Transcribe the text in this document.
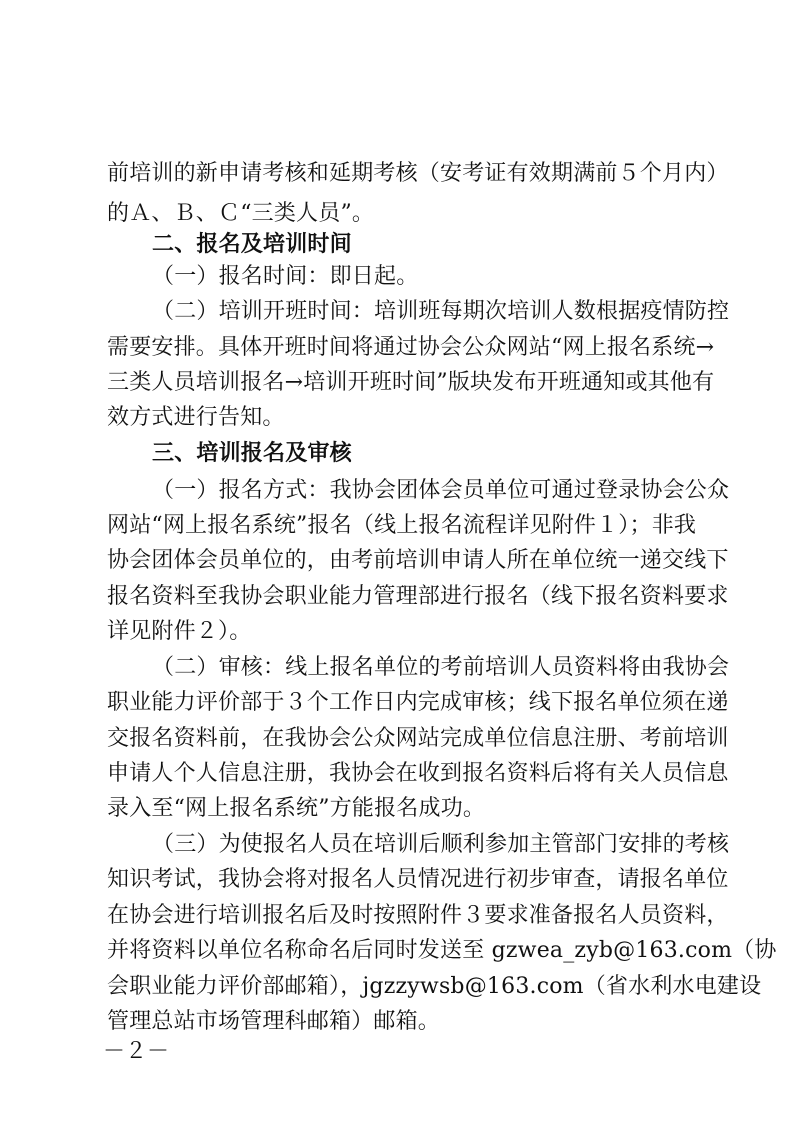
前培训的新申请考核和延期考核（安考证有效期满前５个月内）
的Ａ、Ｂ、Ｃ“三类人员”。
二、报名及培训时间
（一）报名时间：即日起。
（二）培训开班时间：培训班每期次培训人数根据疫情防控
需要安排。具体开班时间将通过协会公众网站“网上报名系统→
三类人员培训报名→培训开班时间”版块发布开班通知或其他有
效方式进行告知。
三、培训报名及审核
（一）报名方式：我协会团体会员单位可通过登录协会公众
网站“网上报名系统”报名（线上报名流程详见附件１）；非我
协会团体会员单位的，由考前培训申请人所在单位统一递交线下
报名资料至我协会职业能力管理部进行报名（线下报名资料要求
详见附件２）。
（二）审核：线上报名单位的考前培训人员资料将由我协会
职业能力评价部于３个工作日内完成审核；线下报名单位须在递
交报名资料前，在我协会公众网站完成单位信息注册、考前培训
申请人个人信息注册，我协会在收到报名资料后将有关人员信息
录入至“网上报名系统”方能报名成功。
（三）为使报名人员在培训后顺利参加主管部门安排的考核
知识考试，我协会将对报名人员情况进行初步审查，请报名单位
在协会进行培训报名后及时按照附件３要求准备报名人员资料，
并将资料以单位名称命名后同时发送至 gzwea_zyb@163.com（协
会职业能力评价部邮箱），jgzzywsb@163.com（省水利水电建设
管理总站市场管理科邮箱）邮箱。
－２－
